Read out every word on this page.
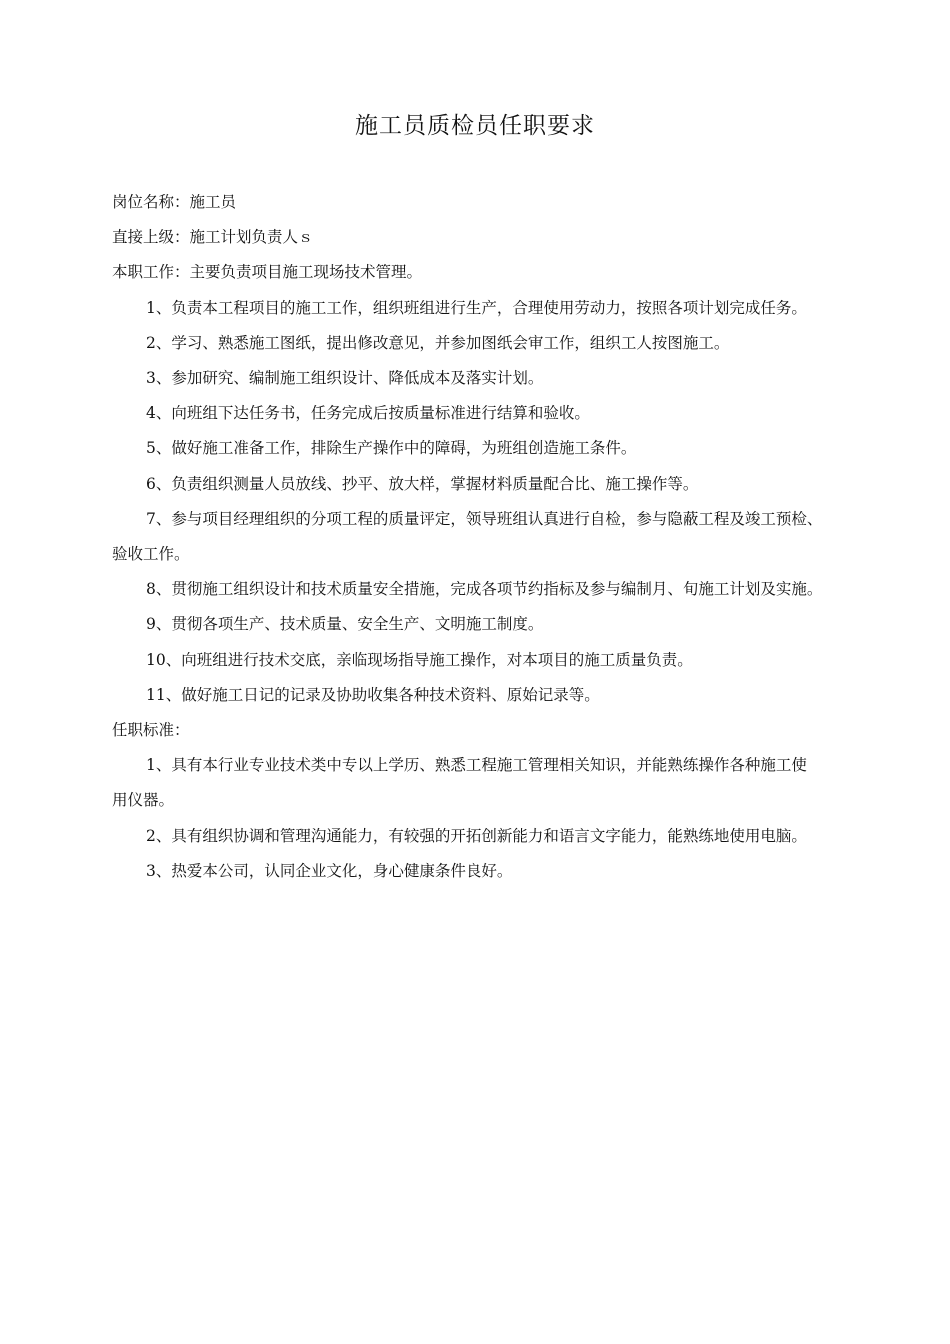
施工员质检员任职要求

岗位名称：施工员

直接上级：施工计划负责人ｓ

本职工作：主要负责项目施工现场技术管理。

1、负责本工程项目的施工工作，组织班组进行生产，合理使用劳动力，按照各项计划完成任务。

2、学习、熟悉施工图纸，提出修改意见，并参加图纸会审工作，组织工人按图施工。

3、参加研究、编制施工组织设计、降低成本及落实计划。

4、向班组下达任务书，任务完成后按质量标准进行结算和验收。

5、做好施工准备工作，排除生产操作中的障碍，为班组创造施工条件。

6、负责组织测量人员放线、抄平、放大样，掌握材料质量配合比、施工操作等。

7、参与项目经理组织的分项工程的质量评定，领导班组认真进行自检，参与隐蔽工程及竣工预检、

验收工作。

8、贯彻施工组织设计和技术质量安全措施，完成各项节约指标及参与编制月、旬施工计划及实施。

9、贯彻各项生产、技术质量、安全生产、文明施工制度。

10、向班组进行技术交底，亲临现场指导施工操作，对本项目的施工质量负责。

11、做好施工日记的记录及协助收集各种技术资料、原始记录等。

任职标准：

1、具有本行业专业技术类中专以上学历、熟悉工程施工管理相关知识，并能熟练操作各种施工使

用仪器。

2、具有组织协调和管理沟通能力，有较强的开拓创新能力和语言文字能力，能熟练地使用电脑。

3、热爱本公司，认同企业文化，身心健康条件良好。
